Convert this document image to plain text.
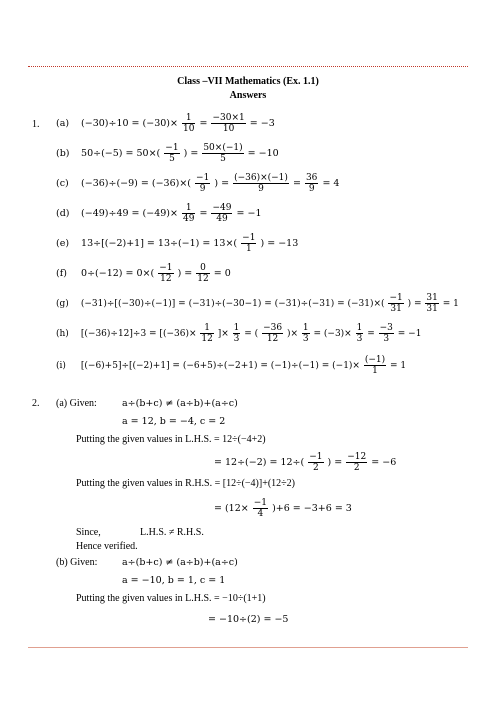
Class –VII Mathematics (Ex. 1.1)
Answers
1. (a) $(-30)\div 10 = (-30)\times \frac{1}{10} = \frac{-30\times 1}{10} = -3$
(b) $50\div(-5) = 50\times( \frac{-1}{5}$ ) = $\frac{50\times(-1)}{5} = -10$
(c) $(-36)\div(-9) = (-36)\times( \frac{-1}{9}$ ) = $\frac{(-36)\times(-1)}{9} = \frac{36}{9} = 4$
(d) $(-49)\div 49 = (-49)\times \frac{1}{49} = \frac{-49}{49} = -1$
(e) $13\div[(-2)+1] = 13\div(-1) = 13\times( \frac{-1}{1}$ ) = −13
(f) $0\div(-12) = 0\times( \frac{-1}{12}$ ) = $\frac{0}{12} = 0$
(g) $(-31)\div[(-30)\div(-1)] = (-31)\div(-30-1) = (-31)\div(-31) = (-31)\times( \frac{-1}{31}$ ) = $\frac{31}{31} = 1$
(h) $[(-36)\div 12]\div 3 = [(-36)\times \frac{1}{12}$ ]× $\frac{1}{3}$ = ( $\frac{-36}{12}$ )× $\frac{1}{3} = (-3)\times \frac{1}{3} = \frac{-3}{3} = -1$
(i) $[(-6)+5]\div[(-2)+1] = (-6+5)\div(-2+1) = (-1)\div(-1) = (-1)\times \frac{(-1)}{1} = 1$
2. (a) Given:	a÷(b+c) ≠ (a÷b)+(a÷c)
a = 12, b = −4, c = 2
Putting the given values in L.H.S. = 12÷(−4+2)
= $12\div(-2) = 12\div( \frac{-1}{2}$ ) = $\frac{-12}{2} = -6$
Putting the given values in R.H.S. = [12÷(−4)]+(12÷2)
= $(12\times \frac{-1}{4} )+6 = -3+6 = 3$
Since,	L.H.S. ≠ R.H.S.
Hence verified.
(b) Given:	a÷(b+c) ≠ (a÷b)+(a÷c)
a = −10, b = 1, c = 1
Putting the given values in L.H.S. = −10÷(1+1)
= −10÷(2) = −5
